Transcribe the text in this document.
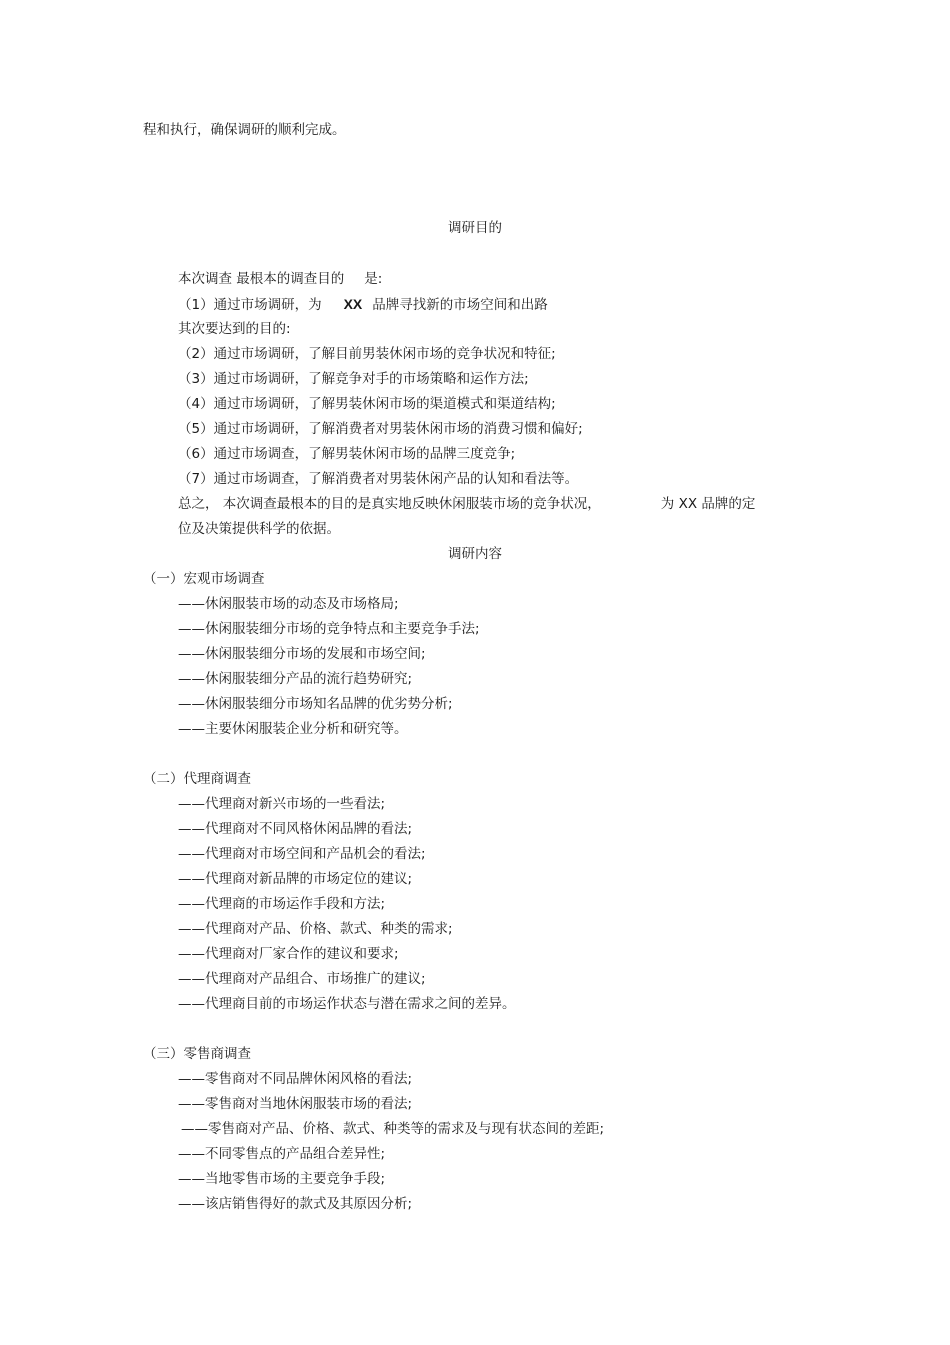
程和执行，确保调研的顺利完成。
调研目的
本次调查 最根本的调查目的 是:
（1）通过市场调研，为 XX 品牌寻找新的市场空间和出路
其次要达到的目的:
（2）通过市场调研，了解目前男装休闲市场的竞争状况和特征;
（3）通过市场调研，了解竞争对手的市场策略和运作方法;
（4）通过市场调研，了解男装休闲市场的渠道模式和渠道结构;
（5）通过市场调研，了解消费者对男装休闲市场的消费习惯和偏好;
（6）通过市场调查，了解男装休闲市场的品牌三度竞争;
（7）通过市场调查，了解消费者对男装休闲产品的认知和看法等。
总之， 本次调查最根本的目的是真实地反映休闲服装市场的竞争状况，	为 XX 品牌的定
位及决策提供科学的依据。
调研内容
（一）宏观市场调查
——休闲服装市场的动态及市场格局;
——休闲服装细分市场的竞争特点和主要竞争手法;
——休闲服装细分市场的发展和市场空间;
——休闲服装细分产品的流行趋势研究;
——休闲服装细分市场知名品牌的优劣势分析;
——主要休闲服装企业分析和研究等。
（二）代理商调查
——代理商对新兴市场的一些看法;
——代理商对不同风格休闲品牌的看法;
——代理商对市场空间和产品机会的看法;
——代理商对新品牌的市场定位的建议;
——代理商的市场运作手段和方法;
——代理商对产品、价格、款式、种类的需求;
——代理商对厂家合作的建议和要求;
——代理商对产品组合、市场推广的建议;
——代理商目前的市场运作状态与潜在需求之间的差异。
（三）零售商调查
——零售商对不同品牌休闲风格的看法;
——零售商对当地休闲服装市场的看法;
——零售商对产品、价格、款式、种类等的需求及与现有状态间的差距;
——不同零售点的产品组合差异性;
——当地零售市场的主要竞争手段;
——该店销售得好的款式及其原因分析;
